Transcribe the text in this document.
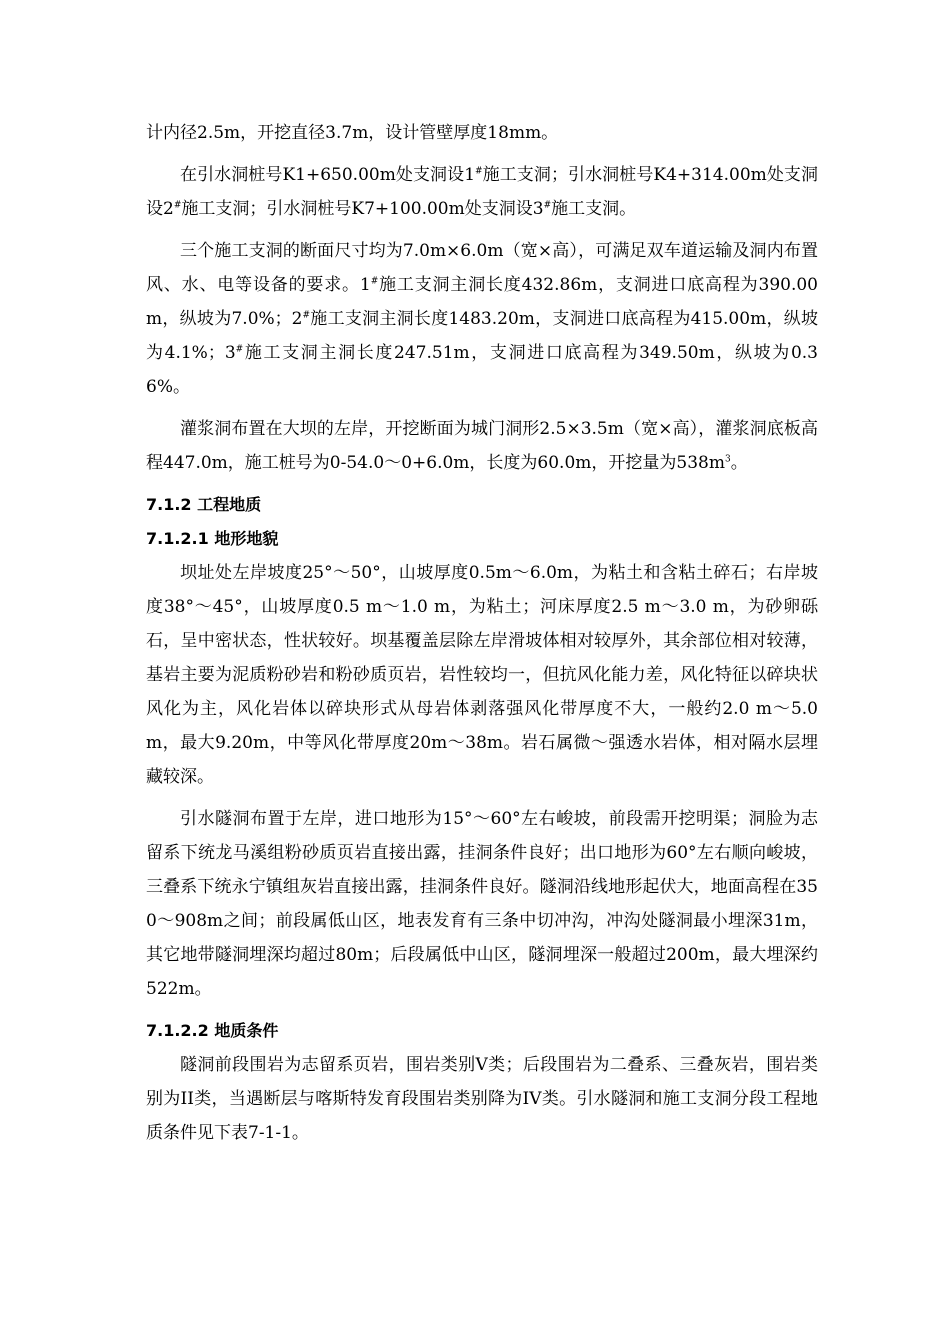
计内径2.5m，开挖直径3.7m，设计管壁厚度18mm。

在引水洞桩号K1+650.00m处支洞设1#施工支洞；引水洞桩号K4+314.00m处支洞设2#施工支洞；引水洞桩号K7+100.00m处支洞设3#施工支洞。

三个施工支洞的断面尺寸均为7.0m×6.0m（宽×高），可满足双车道运输及洞内布置风、水、电等设备的要求。1#施工支洞主洞长度432.86m，支洞进口底高程为390.00m，纵坡为7.0%；2#施工支洞主洞长度1483.20m，支洞进口底高程为415.00m，纵坡为4.1%；3#施工支洞主洞长度247.51m，支洞进口底高程为349.50m，纵坡为0.36%。

灌浆洞布置在大坝的左岸，开挖断面为城门洞形2.5×3.5m（宽×高），灌浆洞底板高程447.0m，施工桩号为0-54.0～0+6.0m，长度为60.0m，开挖量为$538m^3$。

7.1.2 工程地质
7.1.2.1 地形地貌

坝址处左岸坡度25°～50°，山坡厚度0.5m～6.0m，为粘土和含粘土碎石；右岸坡度38°～45°，山坡厚度0.5 m～1.0 m，为粘土；河床厚度2.5 m～3.0 m，为砂卵砾石，呈中密状态，性状较好。坝基覆盖层除左岸滑坡体相对较厚外，其余部位相对较薄，基岩主要为泥质粉砂岩和粉砂质页岩，岩性较均一，但抗风化能力差，风化特征以碎块状风化为主，风化岩体以碎块形式从母岩体剥落强风化带厚度不大，一般约2.0 m～5.0 m，最大9.20m，中等风化带厚度20m～38m。岩石属微～强透水岩体，相对隔水层埋藏较深。

引水隧洞布置于左岸，进口地形为15°～60°左右峻坡，前段需开挖明渠；洞脸为志留系下统龙马溪组粉砂质页岩直接出露，挂洞条件良好；出口地形为60°左右顺向峻坡，三叠系下统永宁镇组灰岩直接出露，挂洞条件良好。隧洞沿线地形起伏大，地面高程在350～908m之间；前段属低山区，地表发育有三条中切冲沟，冲沟处隧洞最小埋深31m，其它地带隧洞埋深均超过80m；后段属低中山区，隧洞埋深一般超过200m，最大埋深约522m。

7.1.2.2 地质条件

隧洞前段围岩为志留系页岩，围岩类别V类；后段围岩为二叠系、三叠灰岩，围岩类别为II类，当遇断层与喀斯特发育段围岩类别降为IV类。引水隧洞和施工支洞分段工程地质条件见下表7-1-1。
